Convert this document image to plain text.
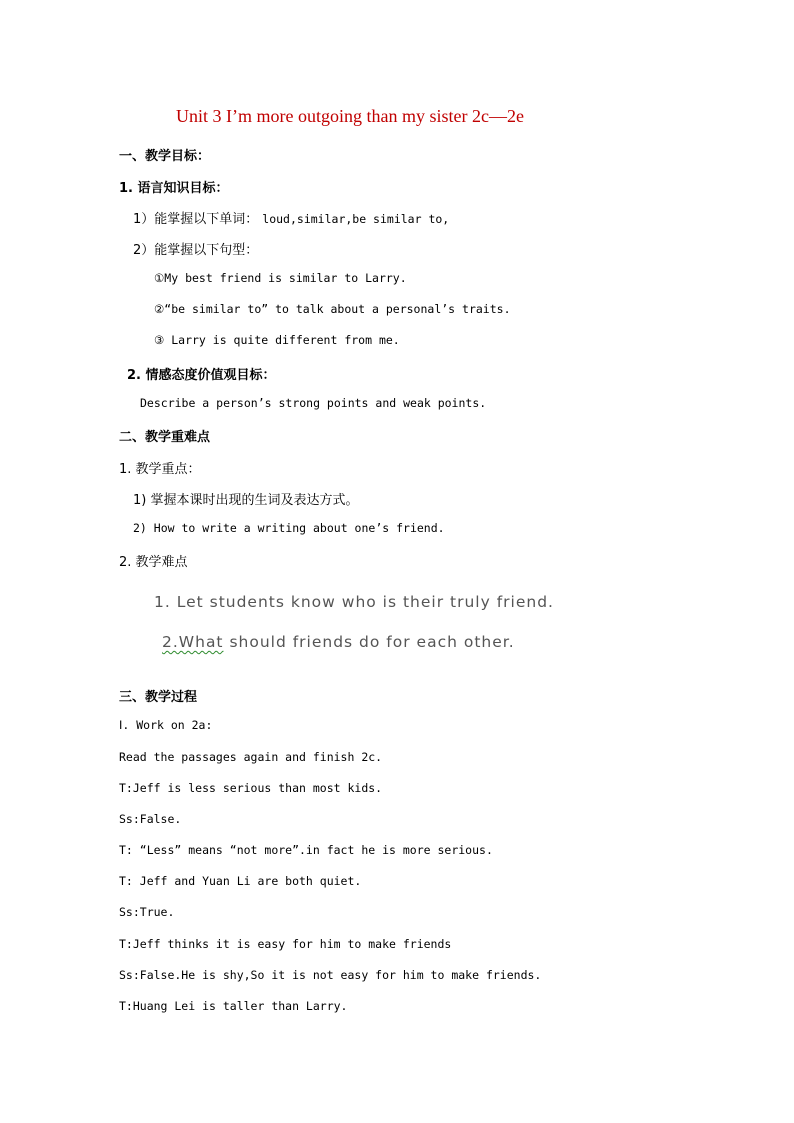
Unit 3 I’m more outgoing than my sister 2c—2e
一、教学目标：
1. 语言知识目标：
1）能掌握以下单词： loud,similar,be similar to,
2）能掌握以下句型：
①My best friend is similar to Larry.
②“be similar to” to talk about a personal’s traits.
③ Larry is quite different from me.
2. 情感态度价值观目标：
Describe a person’s strong points and weak points.
二、教学重难点
1. 教学重点：
1) 掌握本课时出现的生词及表达方式。
2) How to write a writing about one’s friend.
2. 教学难点
1. Let students know who is their truly friend.
2.What should friends do for each other.
三、教学过程
Ⅰ. Work on 2a:
Read the passages again and finish 2c.
T:Jeff is less serious than most kids.
Ss:False.
T: “Less” means “not more”.in fact he is more serious.
T: Jeff and Yuan Li are both quiet.
Ss:True.
T:Jeff thinks it is easy for him to make friends
Ss:False.He is shy,So it is not easy for him to make friends.
T:Huang Lei is taller than Larry.
